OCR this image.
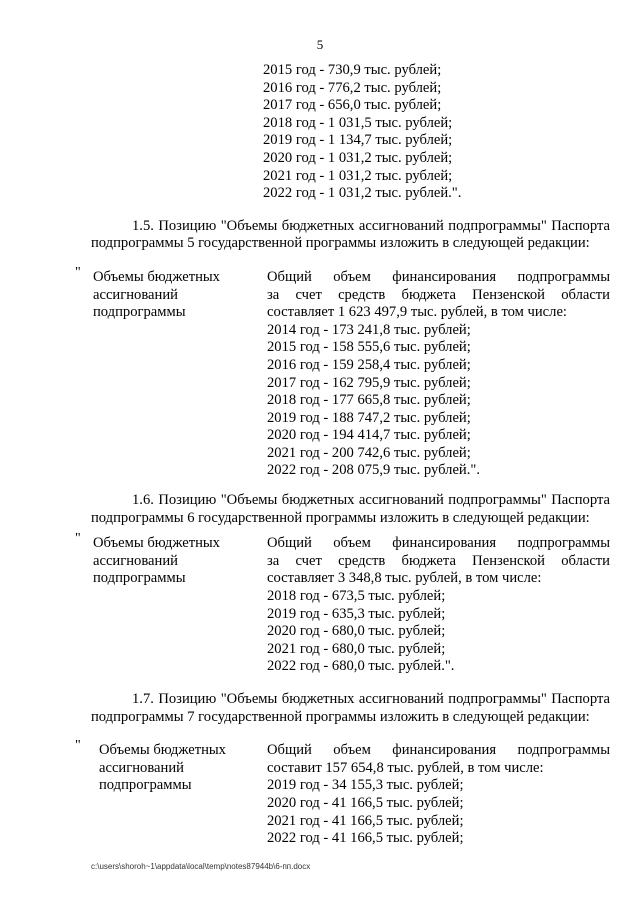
5
2015 год - 730,9 тыс. рублей;
2016 год - 776,2 тыс. рублей;
2017 год - 656,0 тыс. рублей;
2018 год - 1 031,5 тыс. рублей;
2019 год - 1 134,7 тыс. рублей;
2020 год - 1 031,2 тыс. рублей;
2021 год - 1 031,2 тыс. рублей;
2022 год - 1 031,2 тыс. рублей.".
1.5. Позицию "Объемы бюджетных ассигнований подпрограммы" Паспорта подпрограммы 5 государственной программы изложить в следующей редакции:
" Объемы бюджетных
ассигнований
подпрограммы
Общий объем финансирования подпрограммы
за счет средств бюджета Пензенской области
составляет 1 623 497,9 тыс. рублей, в том числе:
2014 год - 173 241,8 тыс. рублей;
2015 год - 158 555,6 тыс. рублей;
2016 год - 159 258,4 тыс. рублей;
2017 год - 162 795,9 тыс. рублей;
2018 год - 177 665,8 тыс. рублей;
2019 год - 188 747,2 тыс. рублей;
2020 год - 194 414,7 тыс. рублей;
2021 год - 200 742,6 тыс. рублей;
2022 год - 208 075,9 тыс. рублей.".
1.6. Позицию "Объемы бюджетных ассигнований подпрограммы" Паспорта подпрограммы 6 государственной программы изложить в следующей редакции:
" Объемы бюджетных
ассигнований
подпрограммы
Общий объем финансирования подпрограммы
за счет средств бюджета Пензенской области
составляет 3 348,8 тыс. рублей, в том числе:
2018 год - 673,5 тыс. рублей;
2019 год - 635,3 тыс. рублей;
2020 год - 680,0 тыс. рублей;
2021 год - 680,0 тыс. рублей;
2022 год - 680,0 тыс. рублей.".
1.7. Позицию "Объемы бюджетных ассигнований подпрограммы" Паспорта подпрограммы 7 государственной программы изложить в следующей редакции:
" Объемы бюджетных
ассигнований
подпрограммы
Общий объем финансирования подпрограммы
составит 157 654,8 тыс. рублей, в том числе:
2019 год - 34 155,3 тыс. рублей;
2020 год - 41 166,5 тыс. рублей;
2021 год - 41 166,5 тыс. рублей;
2022 год - 41 166,5 тыс. рублей;
c:\users\shoroh~1\appdata\local\temp\notes87944b\6-пп.docx
